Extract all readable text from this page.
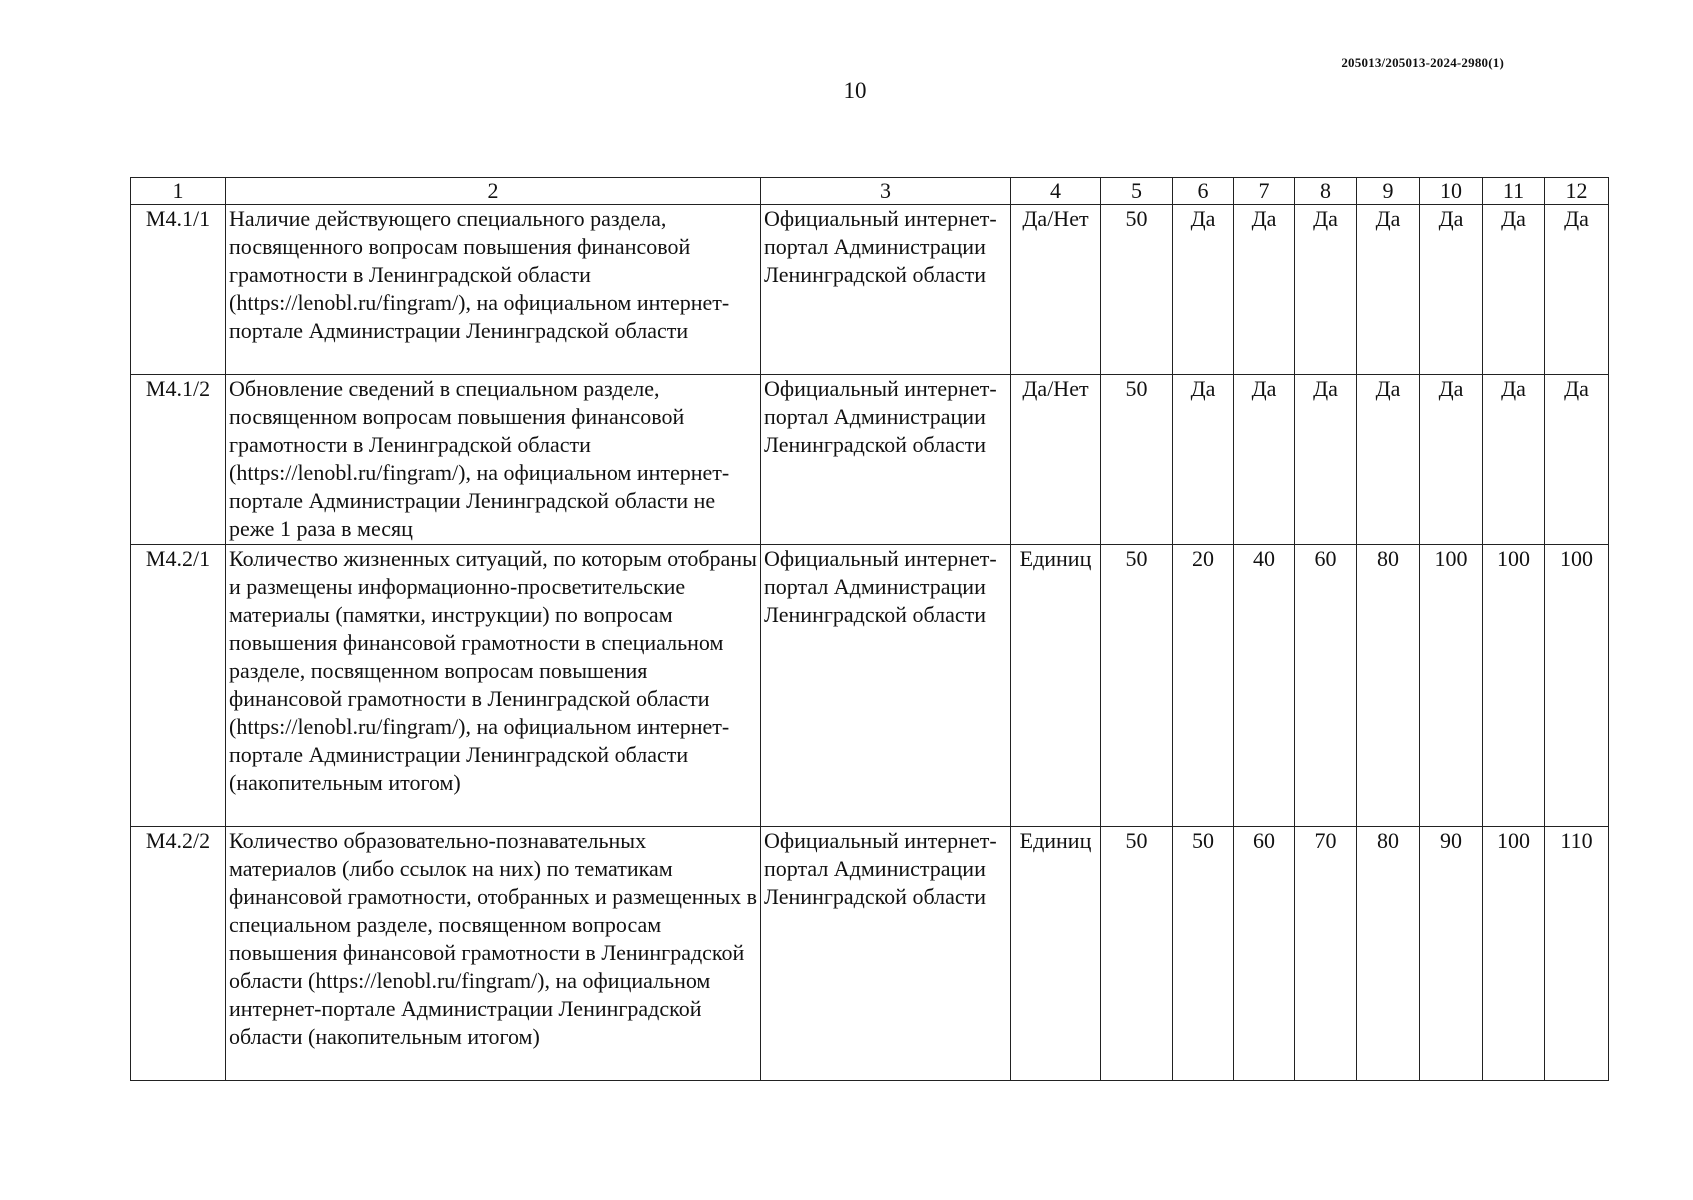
205013/205013-2024-2980(1)
10
1	2	3	4	5	6	7	8	9	10	11	12
М4.1/1	Наличие действующего специального раздела, посвященного вопросам повышения финансовой грамотности в Ленинградской области (https://lenobl.ru/fingram/), на официальном интернет-портале Администрации Ленинградской области	Официальный интернет-портал Администрации Ленинградской области	Да/Нет	50	Да	Да	Да	Да	Да	Да	Да
М4.1/2	Обновление сведений в специальном разделе, посвященном вопросам повышения финансовой грамотности в Ленинградской области (https://lenobl.ru/fingram/), на официальном интернет-портале Администрации Ленинградской области не реже 1 раза в месяц	Официальный интернет-портал Администрации Ленинградской области	Да/Нет	50	Да	Да	Да	Да	Да	Да	Да
М4.2/1	Количество жизненных ситуаций, по которым отобраны и размещены информационно-просветительские материалы (памятки, инструкции) по вопросам повышения финансовой грамотности в специальном разделе, посвященном вопросам повышения финансовой грамотности в Ленинградской области (https://lenobl.ru/fingram/), на официальном интернет-портале Администрации Ленинградской области (накопительным итогом)	Официальный интернет-портал Администрации Ленинградской области	Единиц	50	20	40	60	80	100	100	100
М4.2/2	Количество образовательно-познавательных материалов (либо ссылок на них) по тематикам финансовой грамотности, отобранных и размещенных в специальном разделе, посвященном вопросам повышения финансовой грамотности в Ленинградской области (https://lenobl.ru/fingram/), на официальном интернет-портале Администрации Ленинградской области (накопительным итогом)	Официальный интернет-портал Администрации Ленинградской области	Единиц	50	50	60	70	80	90	100	110
